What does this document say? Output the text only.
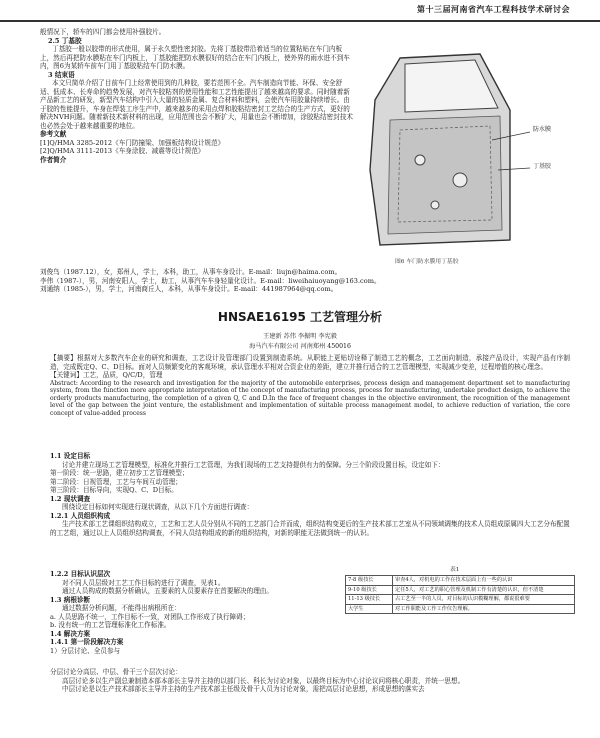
第十三届河南省汽车工程科技学术研讨会

般情况下，轿车的四门都会使用补强胶片。

2.5 丁基胶

丁基胶一般以胶带的形式使用，属于永久塑性密封胶。先将丁基胶带沿着适当的位置粘贴在车门内板上，然后再把防水膜粘在车门内板上，丁基胶能把防水膜很好的结合在车门内板上，使外界的雨水进不到车内，图6为某轿车前车门用丁基胶粘结车门防水膜。

3 结束语

本文只简单介绍了目前车门上经常使用到的几种胶，要若范围不全。汽车制造向节能、环保、安全舒适、低成本、长寿命的趋势发展，对汽车胶粘剂的使用性能和工艺性能提出了越来越高的要求。同时随着新产品新工艺的研发，新型汽车结构中引入大量的轻质金属、复合材料和塑料，会使汽车用胶量持续增长。由于胶的性能提升，车身在焊装工序生产中，越来越多的采用点焊和胶粘结密封工艺结合的生产方式，更好的解决NVH问题。随着新技术新材料的出现，应用范围也会不断扩大，用量也会不断增加，涂胶粘结密封技术也必然会处于越来越重要的地位。

参考文献

[1]Q/HMA 3285-2012《车门防撞梁、加强板结构设计规范》

[2]Q/HMA 3111-2013《车身涂胶、减震等设计规范》

作者简介

刘俊鸟（1987.12），女，郑州人，学士，本科，助工，从事车身设计。E-mail：liujn@haima.com。

李伟（1987-），男，河南安阳人，学士，助工，从事汽车车身轻量化设计。E-mail：liweihaiuoyang@163.com。

刘通纳（1985-），男，学士，河南商丘人，本科，从事车身设计。E-mail：441987964@qq.com。

防水膜
丁基胶
图6 车门防水膜用丁基胶
HNSAE16195 工艺管理分析
王建新 苏伟 李振明 李宪毅
海马汽车有限公司 河南郑州 450016

【摘要】根据对大多数汽车企业的研究和调查，工艺设计及管理部门设置到制造系统。从职能上更贴切诠释了制造工艺的概念，工艺面向制造，承接产品设计，实现产品有序制造，完成既定Q、C、D目标。面对人员频繁变化的客观环境，承认管理水平相对合资企业的差距，建立并推行适合的工艺管理模型，实现减少变差，过程增值的核心理念。

【关键词】工艺，品质，Q/C/D，管理

Abstract: According to the research and investigation for the majority of the automobile enterprises, process design and management department set to manufacturing system, from the function more appropriate interpretation of the concept of manufacturing process, process for manufacturing, undertake product design, to achieve the orderly products manufacturing, the completion of a given Q, C and D.In the face of frequent changes in the objective environment, the recognition of the management level of the gap between the joint venture, the establishment and implementation of suitable process management model, to achieve reduction of variation, the core concept of value-added process

1.1 设定目标

讨论并建立现场工艺管理模型，标准化并推行工艺管理，为我们现场的工艺支持提供有力的保障。分三个阶段设置目标，设定如下：

第一阶段：统一思路，建立初步工艺管理模型；

第二阶段：日视管理，工艺与车间互动管理；

第三阶段：目标导向，实现Q、C、D目标。

1.2 现状调查

围绕设定目标如何实现进行现状调查，从以下几个方面进行调查：

1.2.1 人员组织构成

生产技术部工艺课组织结构成立，工艺和工艺人员分别从不同的工艺部门合并而成，组织结构变更后的生产技术部工艺室从不同领域调集的技术人员组成原属四大工艺分布配置的工艺组，通过以上人员组织结构调查，不同人员结构组成的新的组织结构，对新的职能无法做到统一的认识。

1.2.2 目标认识层次

对不同人员层级对工艺工作目标的进行了调查，见表1。

通过人员构成的数据分析确认，五要素的人员要素存在首要解决的理由。

1.3 病根诊断

通过数据分析问题，不能得出病根所在：

a. 人员思路不统一，工作目标不一致，对团队工作形成了执行障碍；

b. 没有统一的工艺管理标准化工作标准。

1.4 解决方案

1.4.1 第一阶段解决方案

1）分层讨论、全员参与

分层讨论分高层、中层、骨干三个层次讨论：

高层讨论多以生产副总兼制造本部本部长主导并主持的以部门长、科长为讨论对象，以最终目标为中心讨论议问将核心职责，并统一思想。

中层讨论是以生产技术部部长主导并主持的生产技术部主任级及骨干人员为讨论对象，需把高层讨论思想，形成思想的落实去

表1
7-8 级技长	审查4人，对机电的工作在技术层面上有一些的认识
9-10 级技长	定任5人，对工艺的职心管理及机制工作有清楚的认识，但不清楚
11-13 级技长	占工艺至一半的人员，对目标的认识模糊理解，都说很难要
大学生	对工作职能及工作工作仪告理解。
